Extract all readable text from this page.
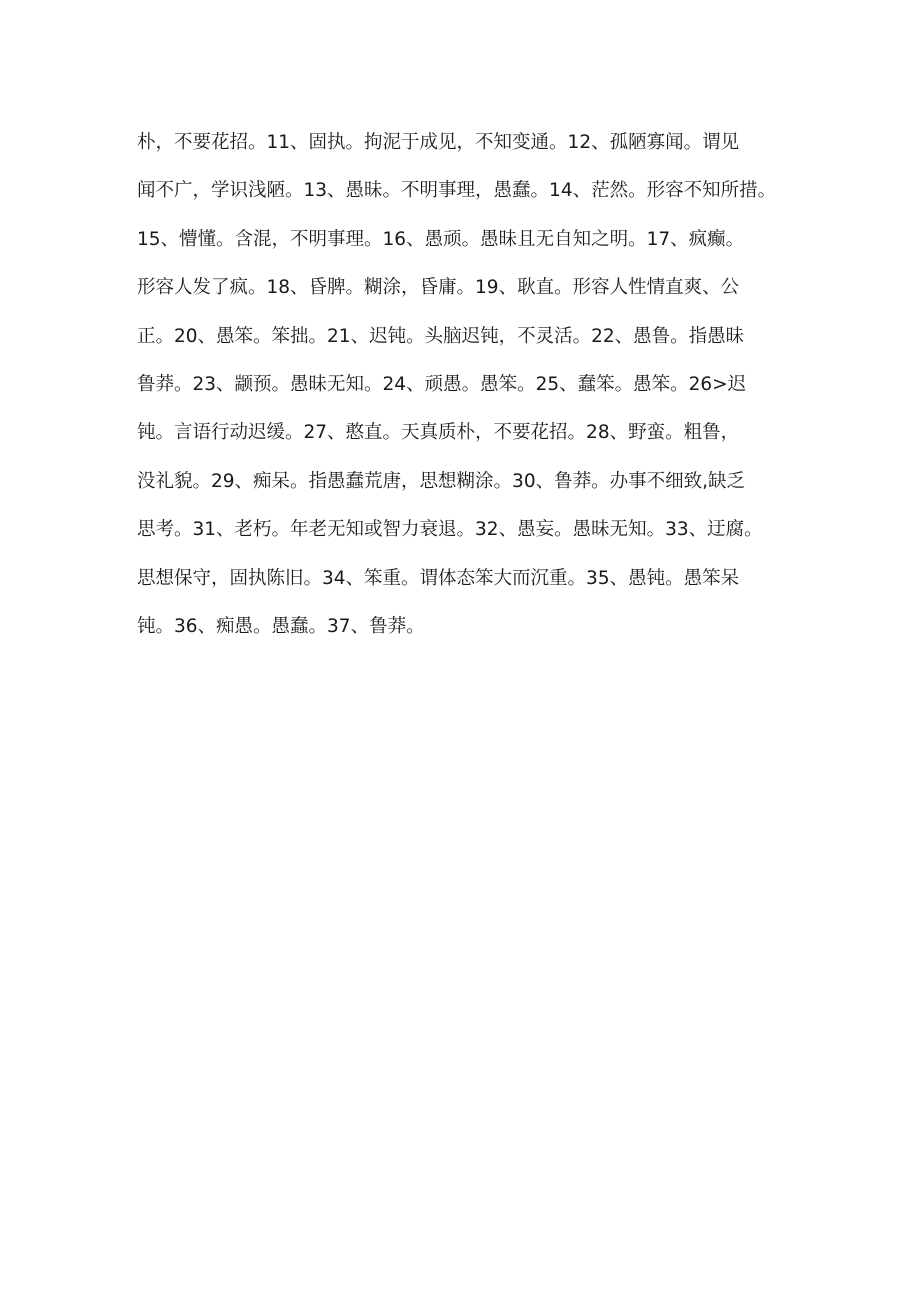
朴，不要花招。11、固执。拘泥于成见，不知变通。12、孤陋寡闻。谓见
闻不广，学识浅陋。13、愚昧。不明事理，愚蠢。14、茫然。形容不知所措。
15、懵懂。含混，不明事理。16、愚顽。愚昧且无自知之明。17、疯癫。
形容人发了疯。18、昏脾。糊涂，昏庸。19、耿直。形容人性情直爽、公
正。20、愚笨。笨拙。21、迟钝。头脑迟钝，不灵活。22、愚鲁。指愚昧
鲁莽。23、颛预。愚昧无知。24、顽愚。愚笨。25、蠢笨。愚笨。26>迟
钝。言语行动迟缓。27、憨直。天真质朴，不要花招。28、野蛮。粗鲁，
没礼貌。29、痴呆。指愚蠢荒唐，思想糊涂。30、鲁莽。办事不细致,缺乏
思考。31、老朽。年老无知或智力衰退。32、愚妄。愚昧无知。33、迂腐。
思想保守，固执陈旧。34、笨重。谓体态笨大而沉重。35、愚钝。愚笨呆
钝。36、痴愚。愚蠢。37、鲁莽。
